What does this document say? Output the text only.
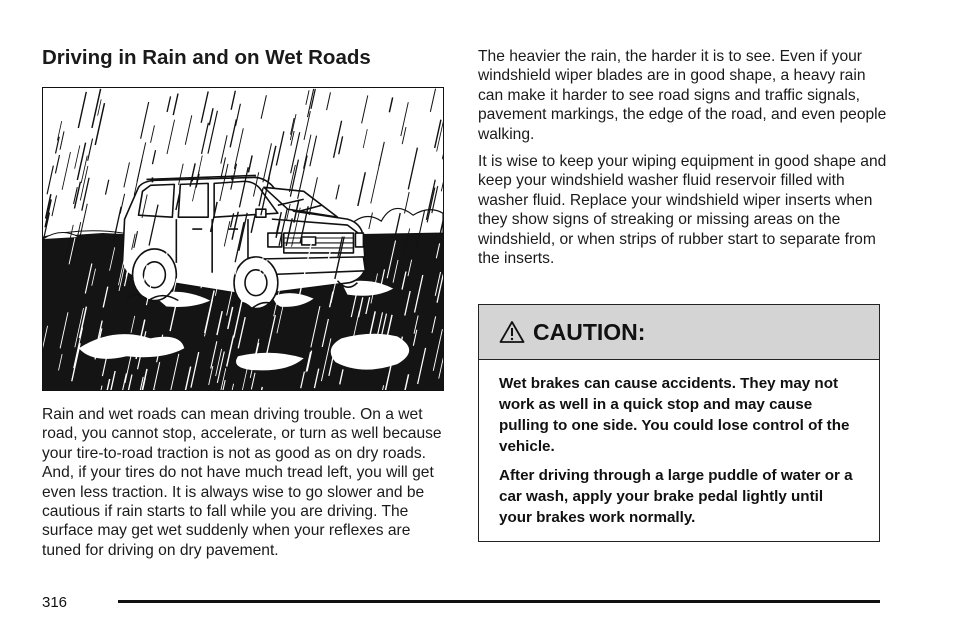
Driving in Rain and on Wet Roads

Rain and wet roads can mean driving trouble. On a wet road, you cannot stop, accelerate, or turn as well because your tire-to-road traction is not as good as on dry roads. And, if your tires do not have much tread left, you will get even less traction. It is always wise to go slower and be cautious if rain starts to fall while you are driving. The surface may get wet suddenly when your reflexes are tuned for driving on dry pavement.

The heavier the rain, the harder it is to see. Even if your windshield wiper blades are in good shape, a heavy rain can make it harder to see road signs and traffic signals, pavement markings, the edge of the road, and even people walking.

It is wise to keep your wiping equipment in good shape and keep your windshield washer fluid reservoir filled with washer fluid. Replace your windshield wiper inserts when they show signs of streaking or missing areas on the windshield, or when strips of rubber start to separate from the inserts.

CAUTION:

Wet brakes can cause accidents. They may not work as well in a quick stop and may cause pulling to one side. You could lose control of the vehicle.

After driving through a large puddle of water or a car wash, apply your brake pedal lightly until your brakes work normally.

316
